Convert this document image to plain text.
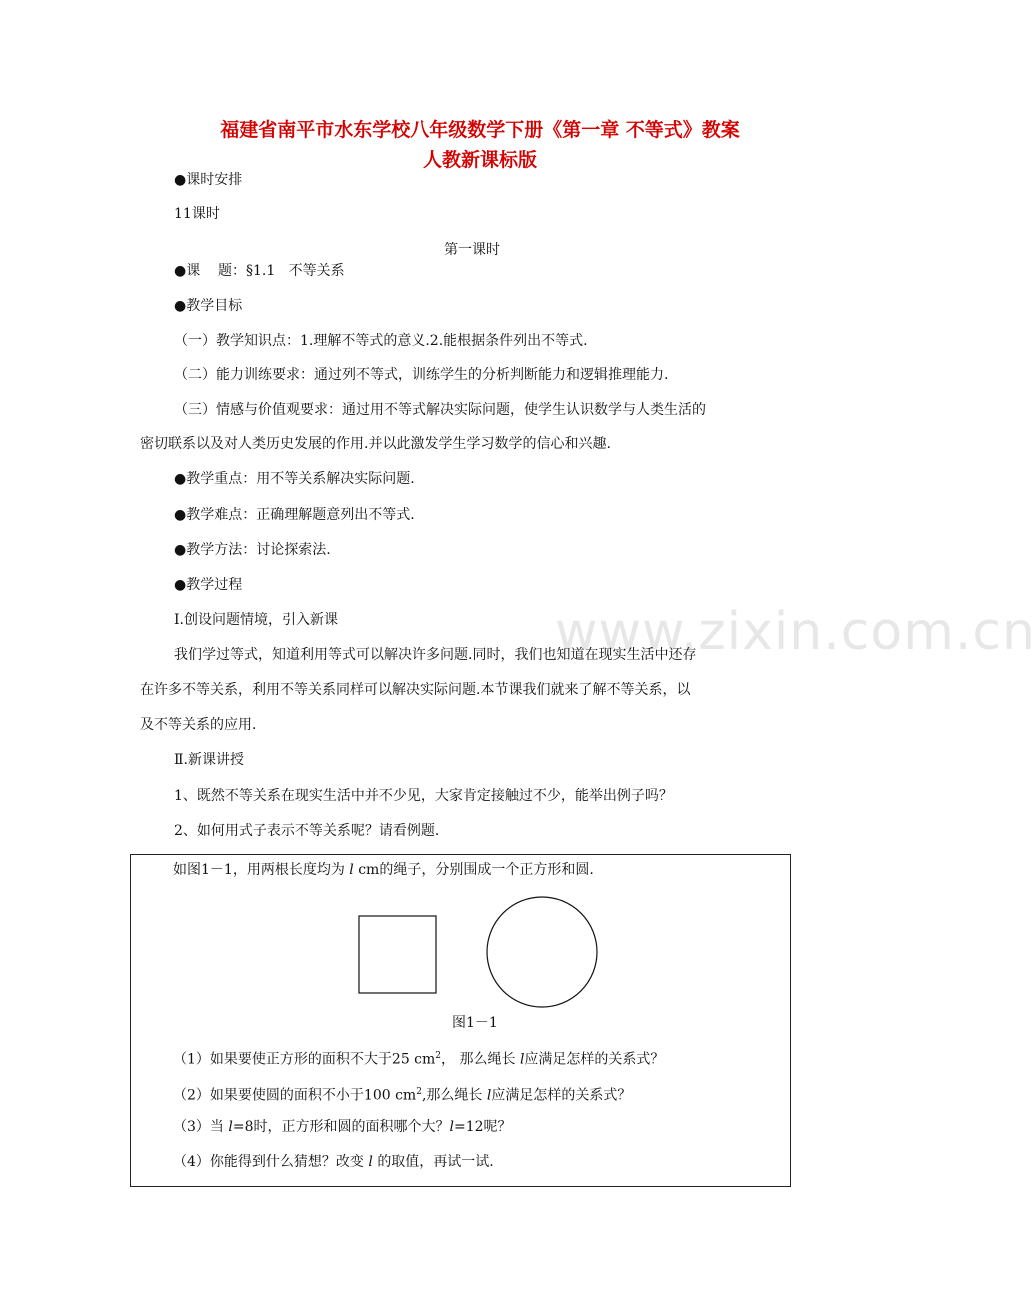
www.zixin.com.cn
福建省南平市水东学校八年级数学下册《第一章 不等式》教案
人教新课标版
●课时安排
11课时
第一课时
●课    题：§1.1   不等关系
●教学目标
（一）教学知识点：1.理解不等式的意义.2.能根据条件列出不等式.
（二）能力训练要求：通过列不等式，训练学生的分析判断能力和逻辑推理能力.
（三）情感与价值观要求：通过用不等式解决实际问题，使学生认识数学与人类生活的
密切联系以及对人类历史发展的作用.并以此激发学生学习数学的信心和兴趣.
●教学重点：用不等关系解决实际问题.
●教学难点：正确理解题意列出不等式.
●教学方法：讨论探索法.
●教学过程
Ⅰ.创设问题情境，引入新课
我们学过等式，知道利用等式可以解决许多问题.同时，我们也知道在现实生活中还存
在许多不等关系，利用不等关系同样可以解决实际问题.本节课我们就来了解不等关系，以
及不等关系的应用.
Ⅱ.新课讲授
1、既然不等关系在现实生活中并不少见，大家肯定接触过不少，能举出例子吗？
2、如何用式子表示不等关系呢？请看例题.
如图1－1，用两根长度均为 l cm的绳子，分别围成一个正方形和圆.
图1－1
（1）如果要使正方形的面积不大于25 $cm^2$， 那么绳长 l应满足怎样的关系式？
（2）如果要使圆的面积不小于100 $cm^2$,那么绳长 l应满足怎样的关系式？
（3）当 l=8时，正方形和圆的面积哪个大？l=12呢？
（4）你能得到什么猜想？改变 l 的取值，再试一试.
